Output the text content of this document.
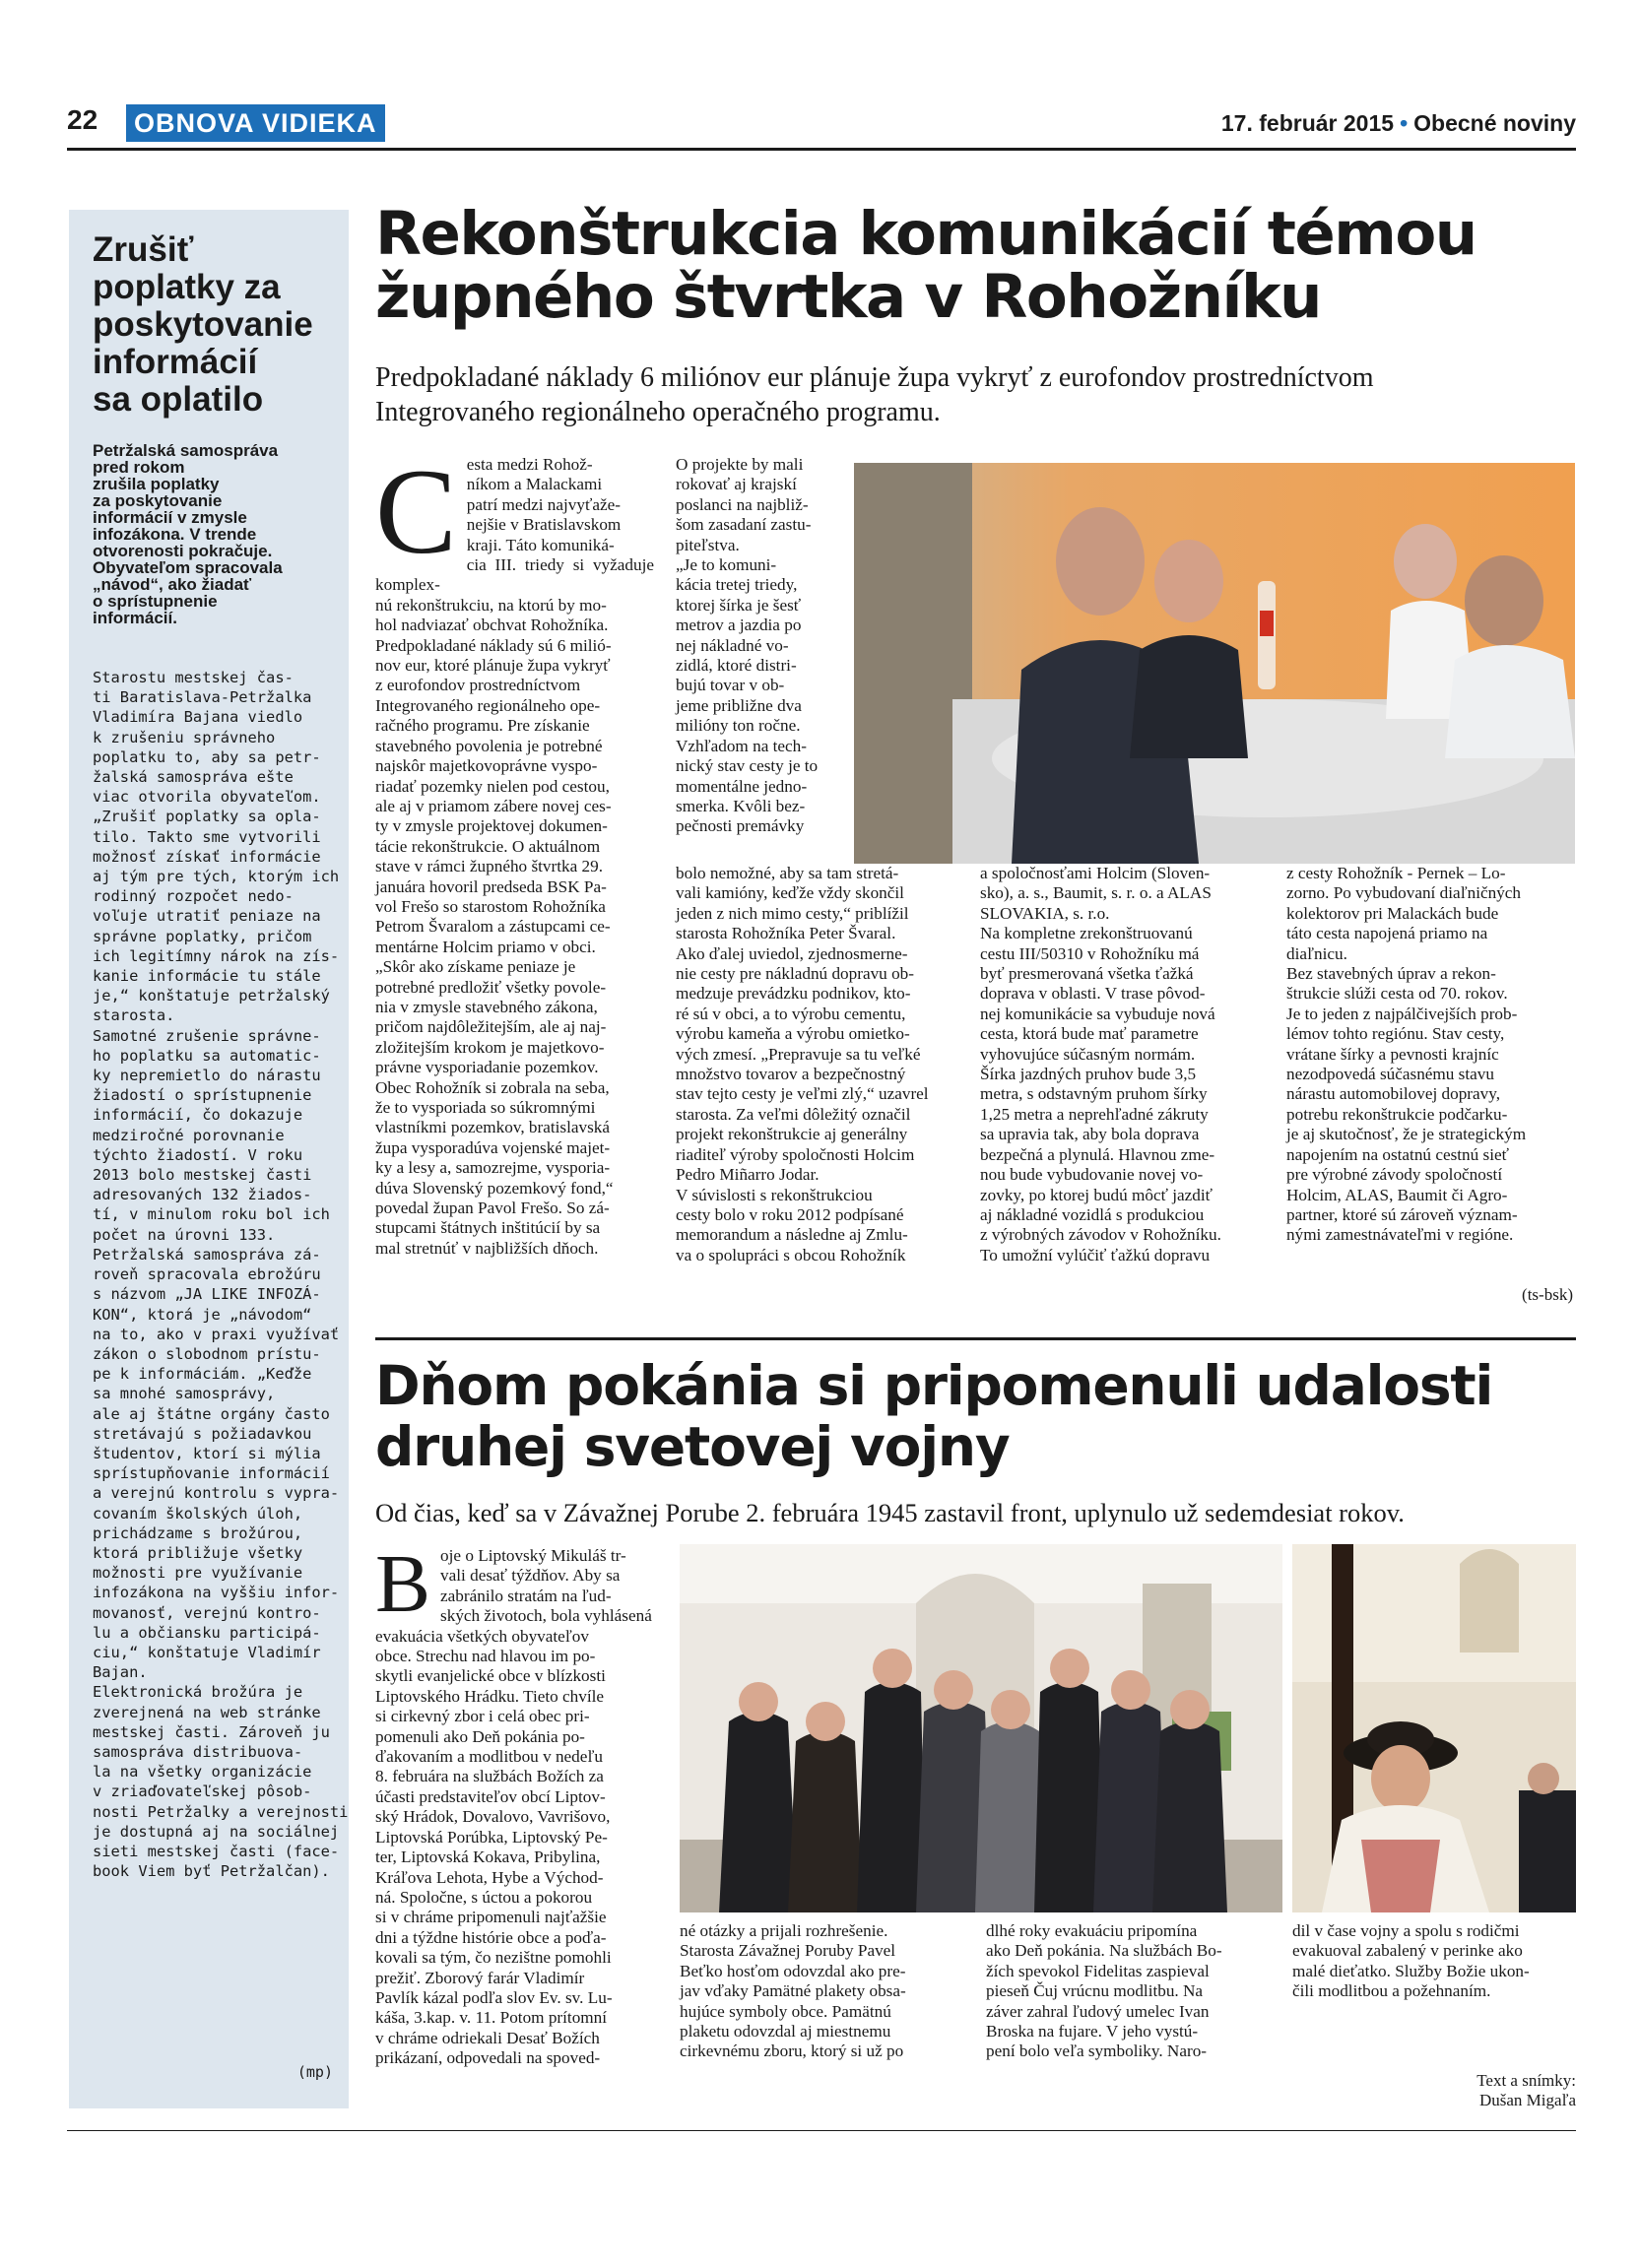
22 OBNOVA VIDIEKA	17. február 2015 • Obecné noviny
Zrušiť
poplatky za
poskytovanie
informácií
sa oplatilo
Petržalská samospráva
pred rokom
zrušila poplatky
za poskytovanie
informácií v zmysle
infozákona. V trende
otvorenosti pokračuje.
Obyvateľom spracovala
„návod“, ako žiadať
o sprístupnenie
informácií.
Starostu mestskej čas-
ti Baratislava-Petržalka
Vladimíra Bajana viedlo
k zrušeniu správneho
poplatku to, aby sa petr-
žalská samospráva ešte
viac otvorila obyvateľom.
„Zrušiť poplatky sa opla-
tilo. Takto sme vytvorili
možnosť získať informácie
aj tým pre tých, ktorým ich
rodinný rozpočet nedo-
voľuje utratiť peniaze na
správne poplatky, pričom
ich legitímny nárok na zís-
kanie informácie tu stále
je,“ konštatuje petržalský
starosta.
Samotné zrušenie správne-
ho poplatku sa automatic-
ky nepremietlo do nárastu
žiadostí o sprístupnenie
informácií, čo dokazuje
medziročné porovnanie
týchto žiadostí. V roku
2013 bolo mestskej časti
adresovaných 132 žiados-
tí, v minulom roku bol ich
počet na úrovni 133.
Petržalská samospráva zá-
roveň spracovala ebrožúru
s názvom „JA LIKE INFOZÁ-
KON“, ktorá je „návodom“
na to, ako v praxi využívať
zákon o slobodnom prístu-
pe k informáciám. „Keďže
sa mnohé samosprávy,
ale aj štátne orgány často
stretávajú s požiadavkou
študentov, ktorí si mýlia
sprístupňovanie informácií
a verejnú kontrolu s vypra-
covaním školských úloh,
prichádzame s brožúrou,
ktorá približuje všetky
možnosti pre využívanie
infozákona na vyššiu infor-
movanosť, verejnú kontro-
lu a občiansku participá-
ciu,“ konštatuje Vladimír
Bajan.
Elektronická brožúra je
zverejnená na web stránke
mestskej časti. Zároveň ju
samospráva distribuova-
la na všetky organizácie
v zriaďovateľskej pôsob-
nosti Petržalky a verejnosti
je dostupná aj na sociálnej
sieti mestskej časti (face-
book Viem byť Petržalčan).
(mp)
Rekonštrukcia komunikácií témou
župného štvrtka v Rohožníku

Predpokladané náklady 6 miliónov eur plánuje župa vykryť z eurofondov prostredníctvom
Integrovaného regionálneho operačného programu.

Cesta medzi Rohož-
níkom a Malackami
patrí medzi najvyťaže-
nejšie v Bratislavskom
kraji. Táto komuniká-
cia III. triedy si vyžaduje komplex-
nú rekonštrukciu, na ktorú by mo-
hol nadviazať obchvat Rohožníka.
Predpokladané náklady sú 6 milió-
nov eur, ktoré plánuje župa vykryť
z eurofondov prostredníctvom
Integrovaného regionálneho ope-
račného programu. Pre získanie
stavebného povolenia je potrebné
najskôr majetkovoprávne vyspo-
riadať pozemky nielen pod cestou,
ale aj v priamom zábere novej ces-
ty v zmysle projektovej dokumen-
tácie rekonštrukcie. O aktuálnom
stave v rámci župného štvrtka 29.
januára hovoril predseda BSK Pa-
vol Frešo so starostom Rohožníka
Petrom Švaralom a zástupcami ce-
mentárne Holcim priamo v obci.
„Skôr ako získame peniaze je
potrebné predložiť všetky povole-
nia v zmysle stavebného zákona,
pričom najdôležitejším, ale aj naj-
zložitejším krokom je majetkovo-
právne vysporiadanie pozemkov.
Obec Rohožník si zobrala na seba,
že to vysporiada so súkromnými
vlastníkmi pozemkov, bratislavská
župa vysporadúva vojenské majet-
ky a lesy a, samozrejme, vysporia-
dúva Slovenský pozemkový fond,“
povedal župan Pavol Frešo. So zá-
stupcami štátnych inštitúcií by sa
mal stretnúť v najbližších dňoch.
O projekte by mali
rokovať aj krajskí
poslanci na najbliž-
šom zasadaní zastu-
piteľstva.
„Je to komuni-
kácia tretej triedy,
ktorej šírka je šesť
metrov a jazdia po
nej nákladné vo-
zidlá, ktoré distri-
bujú tovar v ob-
jeme približne dva
milióny ton ročne.
Vzhľadom na tech-
nický stav cesty je to
momentálne jedno-
smerka. Kvôli bez-
pečnosti premávky
bolo nemožné, aby sa tam stretá-
vali kamióny, keďže vždy skončil
jeden z nich mimo cesty,“ priblížil
starosta Rohožníka Peter Švaral.
Ako ďalej uviedol, zjednosmerne-
nie cesty pre nákladnú dopravu ob-
medzuje prevádzku podnikov, kto-
ré sú v obci, a to výrobu cementu,
výrobu kameňa a výrobu omietko-
vých zmesí. „Prepravuje sa tu veľké
množstvo tovarov a bezpečnostný
stav tejto cesty je veľmi zlý,“ uzavrel
starosta. Za veľmi dôležitý označil
projekt rekonštrukcie aj generálny
riaditeľ výroby spoločnosti Holcim
Pedro Miñarro Jodar.
V súvislosti s rekonštrukciou
cesty bolo v roku 2012 podpísané
memorandum a následne aj Zmlu-
va o spolupráci s obcou Rohožník
a spoločnosťami Holcim (Sloven-
sko), a. s., Baumit, s. r. o. a ALAS
SLOVAKIA, s. r.o.
Na kompletne zrekonštruovanú
cestu III/50310 v Rohožníku má
byť presmerovaná všetka ťažká
doprava v oblasti. V trase pôvod-
nej komunikácie sa vybuduje nová
cesta, ktorá bude mať parametre
vyhovujúce súčasným normám.
Šírka jazdných pruhov bude 3,5
metra, s odstavným pruhom šírky
1,25 metra a neprehľadné zákruty
sa upravia tak, aby bola doprava
bezpečná a plynulá. Hlavnou zme-
nou bude vybudovanie novej vo-
zovky, po ktorej budú môcť jazdiť
aj nákladné vozidlá s produkciou
z výrobných závodov v Rohožníku.
To umožní vylúčiť ťažkú dopravu
z cesty Rohožník - Pernek – Lo-
zorno. Po vybudovaní diaľničných
kolektorov pri Malackách bude
táto cesta napojená priamo na
diaľnicu.
Bez stavebných úprav a rekon-
štrukcie slúži cesta od 70. rokov.
Je to jeden z najpálčivejších prob-
lémov tohto regiónu. Stav cesty,
vrátane šírky a pevnosti krajníc
nezodpovedá súčasnému stavu
nárastu automobilovej dopravy,
potrebu rekonštrukcie podčarku-
je aj skutočnosť, že je strategickým
napojením na ostatnú cestnú sieť
pre výrobné závody spoločností
Holcim, ALAS, Baumit či Agro-
partner, ktoré sú zároveň význam-
nými zamestnávateľmi v regióne.
(ts-bsk)
Dňom pokánia si pripomenuli udalosti
druhej svetovej vojny

Od čias, keď sa v Závažnej Porube 2. februára 1945 zastavil front, uplynulo už sedemdesiat rokov.

Boje o Liptovský Mikuláš tr-
vali desať týždňov. Aby sa
zabránilo stratám na ľud-
ských životoch, bola vyhlásená
evakuácia všetkých obyvateľov
obce. Strechu nad hlavou im po-
skytli evanjelické obce v blízkosti
Liptovského Hrádku. Tieto chvíle
si cirkevný zbor i celá obec pri-
pomenuli ako Deň pokánia po-
ďakovaním a modlitbou v nedeľu
8. februára na službách Božích za
účasti predstaviteľov obcí Liptov-
ský Hrádok, Dovalovo, Vavrišovo,
Liptovská Porúbka, Liptovský Pe-
ter, Liptovská Kokava, Pribylina,
Kráľova Lehota, Hybe a Východ-
ná. Spoločne, s úctou a pokorou
si v chráme pripomenuli najťažšie
dni a týždne histórie obce a poďa-
kovali sa tým, čo nezištne pomohli
prežiť. Zborový farár Vladimír
Pavlík kázal podľa slov Ev. sv. Lu-
káša, 3.kap. v. 11. Potom prítomní
v chráme odriekali Desať Božích
prikázaní, odpovedali na spoved-
né otázky a prijali rozhrešenie.
Starosta Závažnej Poruby Pavel
Beťko hosťom odovzdal ako pre-
jav vďaky Pamätné plakety obsa-
hujúce symboly obce. Pamätnú
plaketu odovzdal aj miestnemu
cirkevnému zboru, ktorý si už po
dlhé roky evakuáciu pripomína
ako Deň pokánia. Na službách Bo-
žích spevokol Fidelitas zaspieval
pieseň Čuj vrúcnu modlitbu. Na
záver zahral ľudový umelec Ivan
Broska na fujare. V jeho vystú-
pení bolo veľa symboliky. Naro-
dil v čase vojny a spolu s rodičmi
evakuoval zabalený v perinke ako
malé dieťatko. Služby Božie ukon-
čili modlitbou a požehnaním.
Text a snímky:
Dušan Migaľa
